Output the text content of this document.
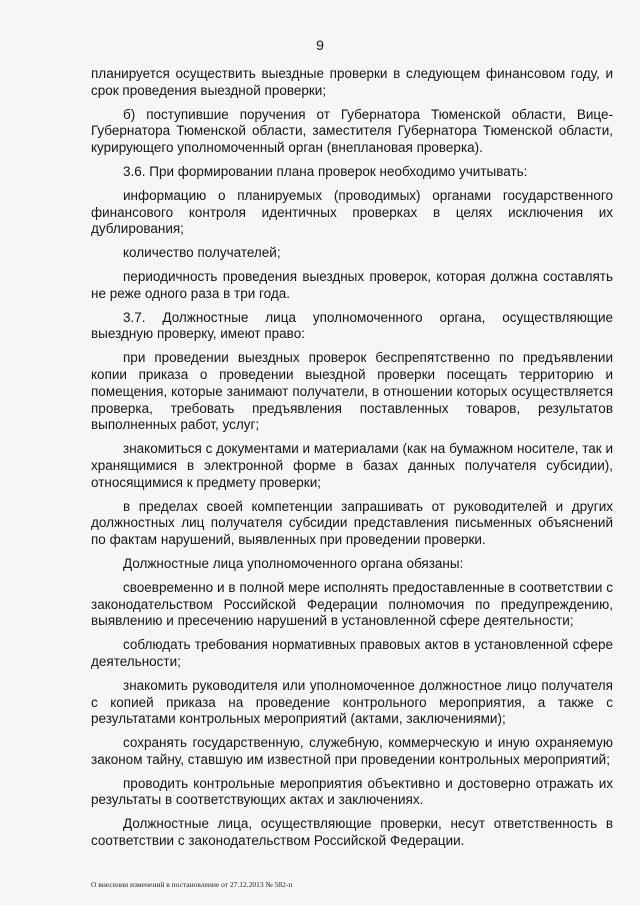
9

планируется осуществить выездные проверки в следующем финансовом году, и срок проведения выездной проверки;

б) поступившие поручения от Губернатора Тюменской области, Вице-Губернатора Тюменской области, заместителя Губернатора Тюменской области, курирующего уполномоченный орган (внеплановая проверка).

3.6. При формировании плана проверок необходимо учитывать:

информацию о планируемых (проводимых) органами государственного финансового контроля идентичных проверках в целях исключения их дублирования;

количество получателей;

периодичность проведения выездных проверок, которая должна составлять не реже одного раза в три года.

3.7. Должностные лица уполномоченного органа, осуществляющие выездную проверку, имеют право:

при проведении выездных проверок беспрепятственно по предъявлении копии приказа о проведении выездной проверки посещать территорию и помещения, которые занимают получатели, в отношении которых осуществляется проверка, требовать предъявления поставленных товаров, результатов выполненных работ, услуг;

знакомиться с документами и материалами (как на бумажном носителе, так и хранящимися в электронной форме в базах данных получателя субсидии), относящимися к предмету проверки;

в пределах своей компетенции запрашивать от руководителей и других должностных лиц получателя субсидии представления письменных объяснений по фактам нарушений, выявленных при проведении проверки.

Должностные лица уполномоченного органа обязаны:

своевременно и в полной мере исполнять предоставленные в соответствии с законодательством Российской Федерации полномочия по предупреждению, выявлению и пресечению нарушений в установленной сфере деятельности;

соблюдать требования нормативных правовых актов в установленной сфере деятельности;

знакомить руководителя или уполномоченное должностное лицо получателя с копией приказа на проведение контрольного мероприятия, а также с результатами контрольных мероприятий (актами, заключениями);

сохранять государственную, служебную, коммерческую и иную охраняемую законом тайну, ставшую им известной при проведении контрольных мероприятий;

проводить контрольные мероприятия объективно и достоверно отражать их результаты в соответствующих актах и заключениях.

Должностные лица, осуществляющие проверки, несут ответственность в соответствии с законодательством Российской Федерации.

О внесении изменений в постановление от 27.12.2013 № 582-п
